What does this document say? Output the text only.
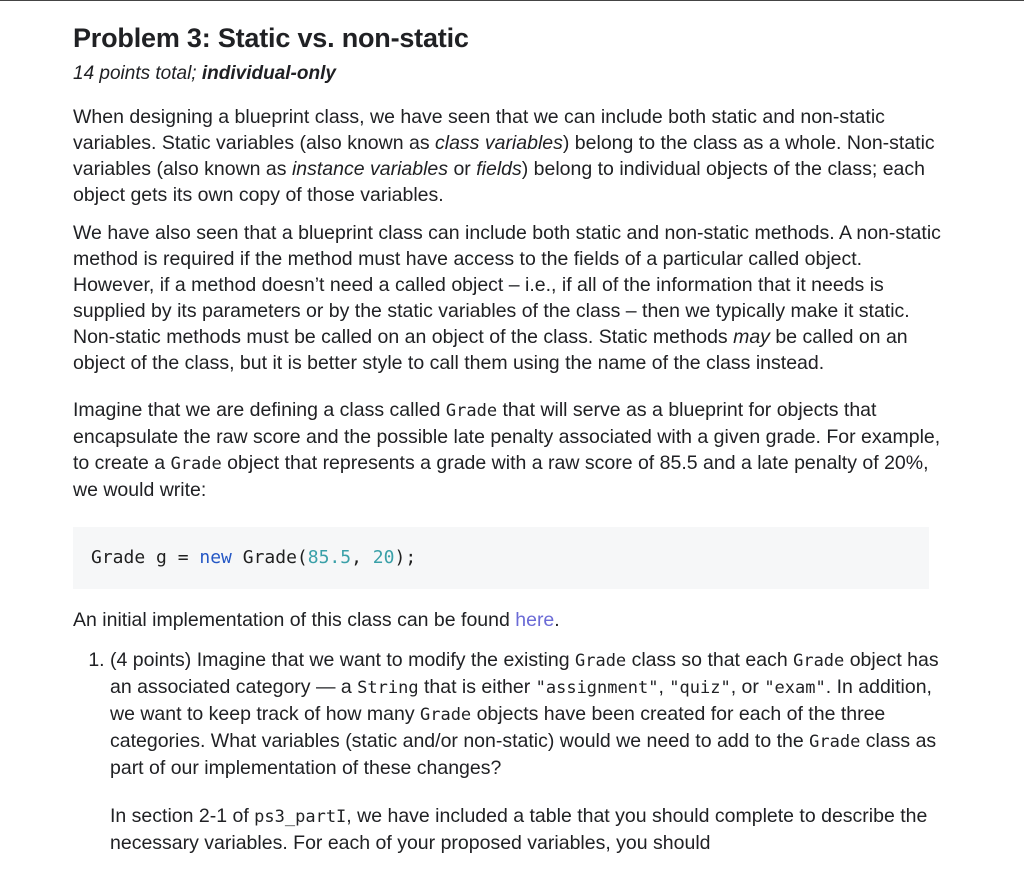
Problem 3: Static vs. non-static
14 points total; individual-only

When designing a blueprint class, we have seen that we can include both static and non-static variables. Static variables (also known as class variables) belong to the class as a whole. Non-static variables (also known as instance variables or fields) belong to individual objects of the class; each object gets its own copy of those variables.

We have also seen that a blueprint class can include both static and non-static methods. A non-static method is required if the method must have access to the fields of a particular called object. However, if a method doesn’t need a called object – i.e., if all of the information that it needs is supplied by its parameters or by the static variables of the class – then we typically make it static. Non-static methods must be called on an object of the class. Static methods may be called on an object of the class, but it is better style to call them using the name of the class instead.

Imagine that we are defining a class called Grade that will serve as a blueprint for objects that encapsulate the raw score and the possible late penalty associated with a given grade. For example, to create a Grade object that represents a grade with a raw score of 85.5 and a late penalty of 20%, we would write:

Grade g = new Grade(85.5, 20);

An initial implementation of this class can be found here.

1. (4 points) Imagine that we want to modify the existing Grade class so that each Grade object has an associated category — a String that is either "assignment", "quiz", or "exam". In addition, we want to keep track of how many Grade objects have been created for each of the three categories. What variables (static and/or non-static) would we need to add to the Grade class as part of our implementation of these changes?
In section 2-1 of ps3_partI, we have included a table that you should complete to describe the necessary variables. For each of your proposed variables, you should
